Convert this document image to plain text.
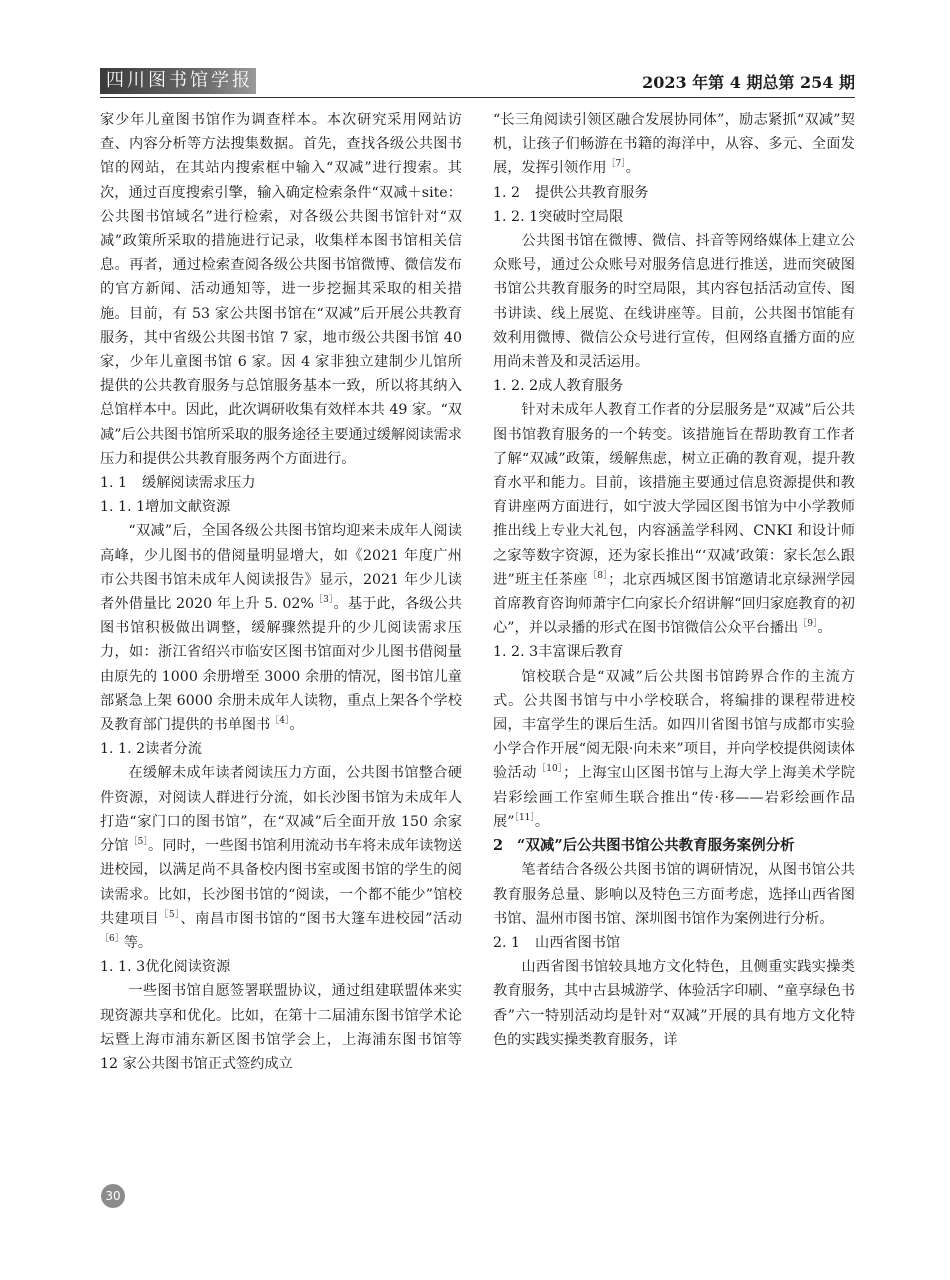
四川图书馆学报	2023 年第 4 期总第 254 期

家少年儿童图书馆作为调查样本。本次研究采用网站访查、内容分析等方法搜集数据。首先，查找各级公共图书馆的网站，在其站内搜索框中输入“双减”进行搜索。其次，通过百度搜索引擎，输入确定检索条件“双减＋site：公共图书馆域名”进行检索，对各级公共图书馆针对“双减”政策所采取的措施进行记录，收集样本图书馆相关信息。再者，通过检索查阅各级公共图书馆微博、微信发布的官方新闻、活动通知等，进一步挖掘其采取的相关措施。目前，有 53 家公共图书馆在“双减”后开展公共教育服务，其中省级公共图书馆 7 家，地市级公共图书馆 40 家，少年儿童图书馆 6 家。因 4 家非独立建制少儿馆所提供的公共教育服务与总馆服务基本一致，所以将其纳入总馆样本中。因此，此次调研收集有效样本共 49 家。“双减”后公共图书馆所采取的服务途径主要通过缓解阅读需求压力和提供公共教育服务两个方面进行。

1. 1 缓解阅读需求压力

1. 1. 1增加文献资源

“双减”后，全国各级公共图书馆均迎来未成年人阅读高峰，少儿图书的借阅量明显增大，如《2021 年度广州市公共图书馆未成年人阅读报告》显示，2021 年少儿读者外借量比 2020 年上升 5. 02%$^{[3]}$。基于此，各级公共图书馆积极做出调整，缓解骤然提升的少儿阅读需求压力，如：浙江省绍兴市临安区图书馆面对少儿图书借阅量由原先的 1000 余册增至 3000 余册的情况，图书馆儿童部紧急上架 6000 余册未成年人读物，重点上架各个学校及教育部门提供的书单图书$^{[4]}$。

1. 1. 2读者分流

在缓解未成年读者阅读压力方面，公共图书馆整合硬件资源，对阅读人群进行分流，如长沙图书馆为未成年人打造“家门口的图书馆”，在“双减”后全面开放 150 余家分馆$^{[5]}$。同时，一些图书馆利用流动书车将未成年读物送进校园，以满足尚不具备校内图书室或图书馆的学生的阅读需求。比如，长沙图书馆的“阅读，一个都不能少”馆校共建项目$^{[5]}$、南昌市图书馆的“图书大篷车进校园”活动$^{[6]}$等。

1. 1. 3优化阅读资源

一些图书馆自愿签署联盟协议，通过组建联盟体来实现资源共享和优化。比如，在第十二届浦东图书馆学术论坛暨上海市浦东新区图书馆学会上，上海浦东图书馆等 12 家公共图书馆正式签约成立

“长三角阅读引领区融合发展协同体”，励志紧抓“双减”契机，让孩子们畅游在书籍的海洋中，从容、多元、全面发展，发挥引领作用$^{[7]}$。

1. 2 提供公共教育服务

1. 2. 1突破时空局限

公共图书馆在微博、微信、抖音等网络媒体上建立公众账号，通过公众账号对服务信息进行推送，进而突破图书馆公共教育服务的时空局限，其内容包括活动宣传、图书讲读、线上展览、在线讲座等。目前，公共图书馆能有效利用微博、微信公众号进行宣传，但网络直播方面的应用尚未普及和灵活运用。

1. 2. 2成人教育服务

针对未成年人教育工作者的分层服务是“双减”后公共图书馆教育服务的一个转变。该措施旨在帮助教育工作者了解“双减”政策，缓解焦虑，树立正确的教育观，提升教育水平和能力。目前，该措施主要通过信息资源提供和教育讲座两方面进行，如宁波大学园区图书馆为中小学教师推出线上专业大礼包，内容涵盖学科网、CNKI 和设计师之家等数字资源，还为家长推出“‘双减’政策：家长怎么跟进”班主任茶座$^{[8]}$；北京西城区图书馆邀请北京绿洲学园首席教育咨询师萧宇仁向家长介绍讲解“回归家庭教育的初心”，并以录播的形式在图书馆微信公众平台播出$^{[9]}$。

1. 2. 3丰富课后教育

馆校联合是“双减”后公共图书馆跨界合作的主流方式。公共图书馆与中小学校联合，将编排的课程带进校园，丰富学生的课后生活。如四川省图书馆与成都市实验小学合作开展“阅无限·向未来”项目，并向学校提供阅读体验活动$^{[10]}$；上海宝山区图书馆与上海大学上海美术学院岩彩绘画工作室师生联合推出“传·移——岩彩绘画作品展”$^{[11]}$。

2 “双减”后公共图书馆公共教育服务案例分析

笔者结合各级公共图书馆的调研情况，从图书馆公共教育服务总量、影响以及特色三方面考虑，选择山西省图书馆、温州市图书馆、深圳图书馆作为案例进行分析。

2. 1 山西省图书馆

山西省图书馆较具地方文化特色，且侧重实践实操类教育服务，其中古县城游学、体验活字印刷、“童享绿色书香”六一特别活动均是针对“双减”开展的具有地方文化特色的实践实操类教育服务，详

30
